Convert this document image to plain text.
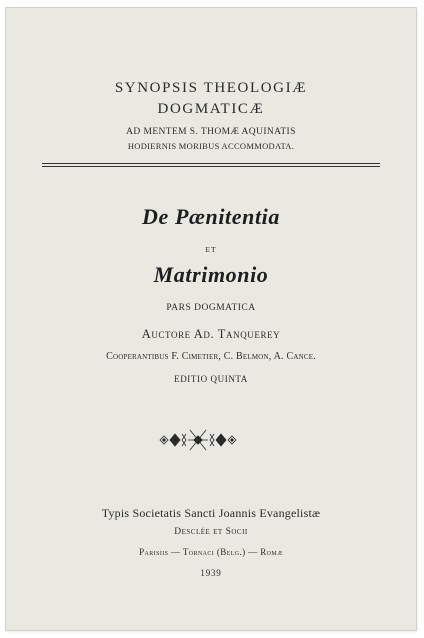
SYNOPSIS THEOLOGIÆ
DOGMATICÆ
AD MENTEM S. THOMÆ AQUINATIS
HODIERNIS MORIBUS ACCOMMODATA.
De Pænitentia
ET
Matrimonio
PARS DOGMATICA
Auctore Ad. Tanquerey
Cooperantibus F. Cimetier, C. Belmon, A. Cance.
EDITIO QUINTA
Typis Societatis Sancti Joannis Evangelistæ
Desclée et Socii
Parisiis — Tornaci (Belg.) — Romæ
1939
